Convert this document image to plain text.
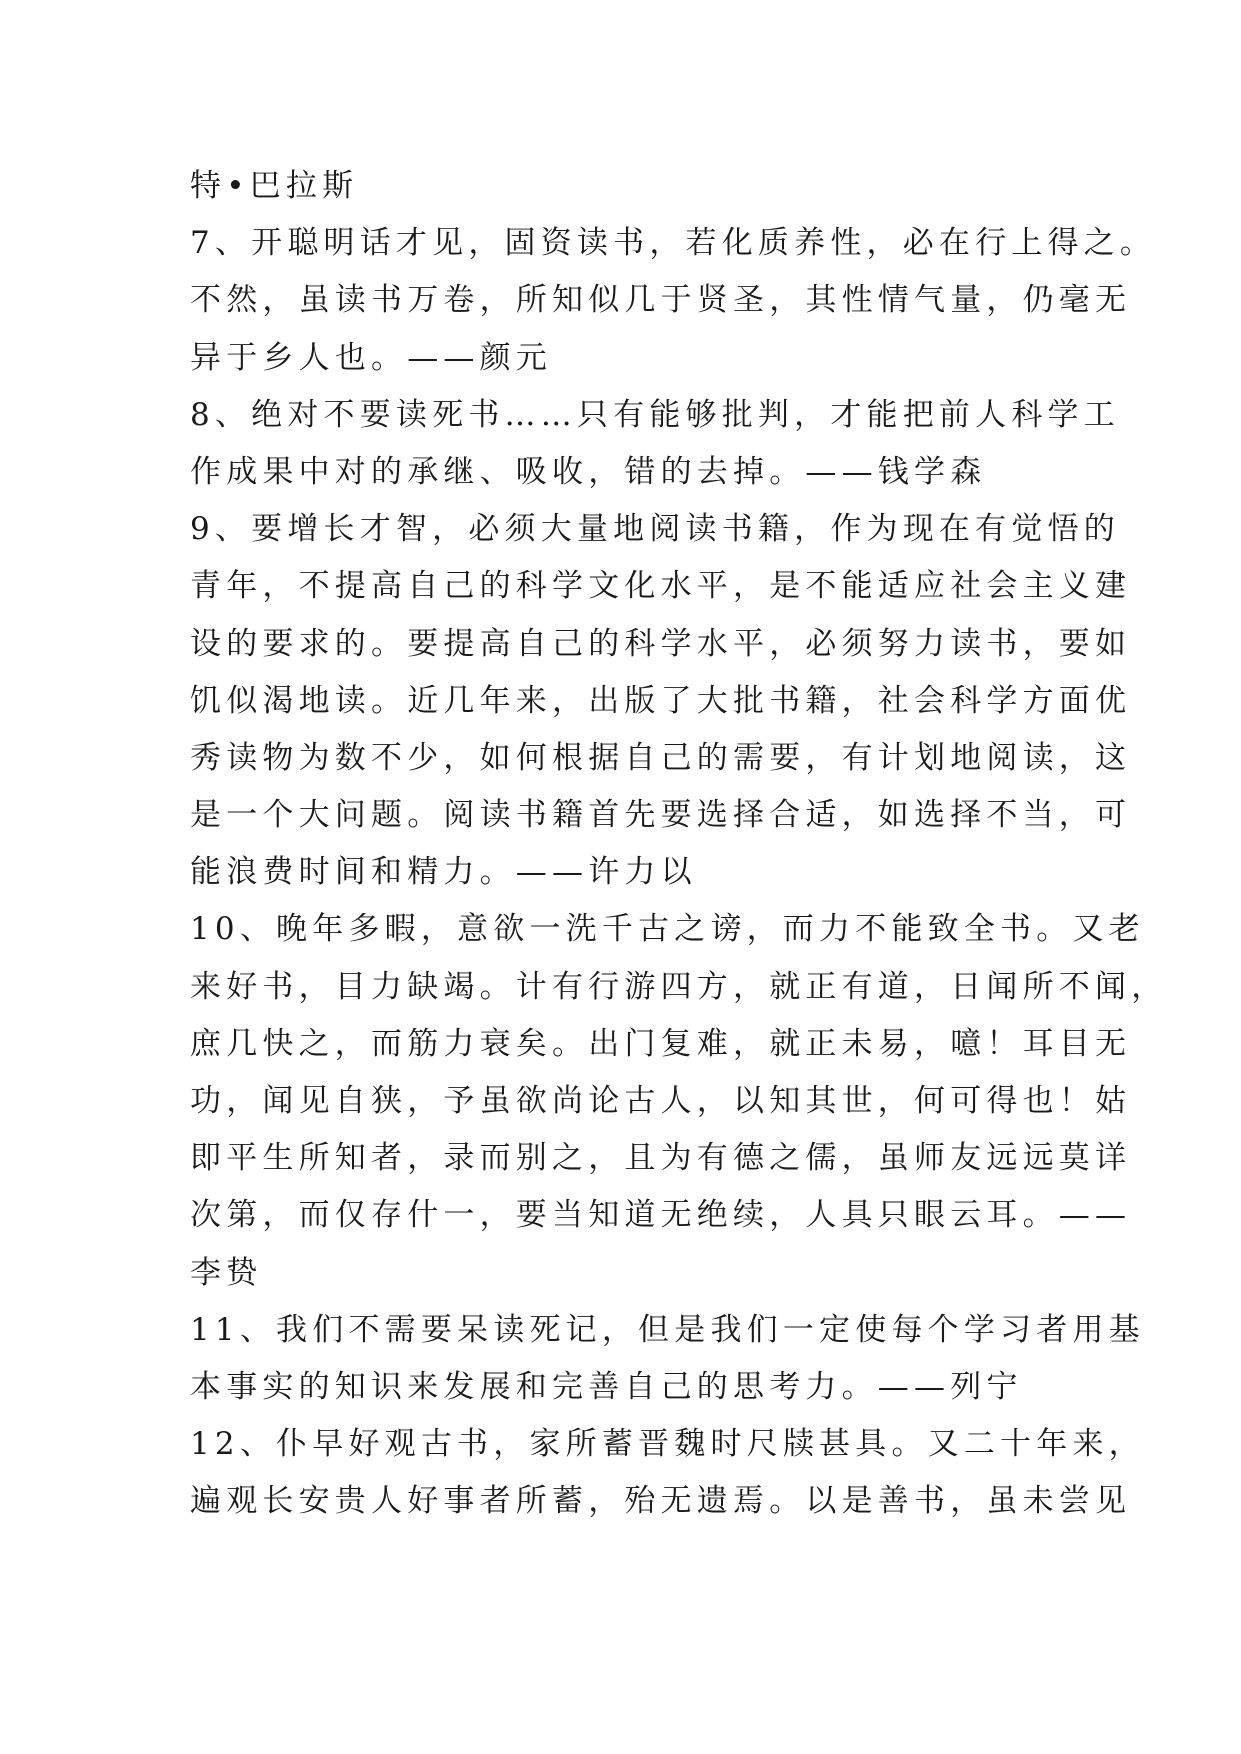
特•巴拉斯
7、开聪明话才见，固资读书，若化质养性，必在行上得之。
不然，虽读书万卷，所知似几于贤圣，其性情气量，仍毫无
异于乡人也。——颜元
8、绝对不要读死书……只有能够批判，才能把前人科学工
作成果中对的承继、吸收，错的去掉。——钱学森
9、要增长才智，必须大量地阅读书籍，作为现在有觉悟的
青年，不提高自己的科学文化水平，是不能适应社会主义建
设的要求的。要提高自己的科学水平，必须努力读书，要如
饥似渴地读。近几年来，出版了大批书籍，社会科学方面优
秀读物为数不少，如何根据自己的需要，有计划地阅读，这
是一个大问题。阅读书籍首先要选择合适，如选择不当，可
能浪费时间和精力。——许力以
10、晚年多暇，意欲一洗千古之谤，而力不能致全书。又老
来好书，目力缺竭。计有行游四方，就正有道，日闻所不闻，
庶几快之，而筋力衰矣。出门复难，就正未易，噫！耳目无
功，闻见自狭，予虽欲尚论古人，以知其世，何可得也！姑
即平生所知者，录而别之，且为有德之儒，虽师友远远莫详
次第，而仅存什一，要当知道无绝续，人具只眼云耳。——
李贽
11、我们不需要呆读死记，但是我们一定使每个学习者用基
本事实的知识来发展和完善自己的思考力。——列宁
12、仆早好观古书，家所蓄晋魏时尺牍甚具。又二十年来，
遍观长安贵人好事者所蓄，殆无遗焉。以是善书，虽未尝见
